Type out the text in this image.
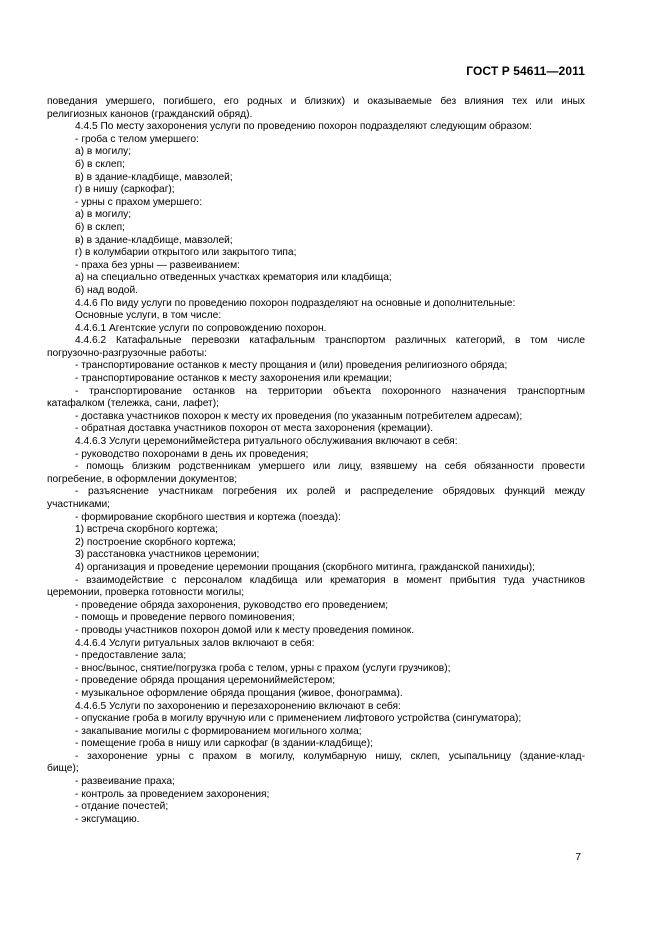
ГОСТ Р 54611—2011

поведания умершего, погибшего, его родных и близких) и оказываемые без влияния тех или иных

религиозных канонов (гражданский обряд).

4.4.5 По месту захоронения услуги по проведению похорон подразделяют следующим образом:

- гроба с телом умершего:

а) в могилу;

б) в склеп;

в) в здание-кладбище, мавзолей;

г) в нишу (саркофаг);

- урны с прахом умершего:

а) в могилу;

б) в склеп;

в) в здание-кладбище, мавзолей;

г) в колумбарии открытого или закрытого типа;

- праха без урны — развеиванием:

а) на специально отведенных участках крематория или кладбища;

б) над водой.

4.4.6 По виду услуги по проведению похорон подразделяют на основные и дополнительные:

Основные услуги, в том числе:

4.4.6.1 Агентские услуги по сопровождению похорон.

4.4.6.2 Катафальные перевозки катафальным транспортом различных категорий, в том числе

погрузочно-разгрузочные работы:

- транспортирование останков к месту прощания и (или) проведения религиозного обряда;

- транспортирование останков к месту захоронения или кремации;

- транспортирование останков на территории объекта похоронного назначения транспортным

катафалком (тележка, сани, лафет);

- доставка участников похорон к месту их проведения (по указанным потребителем адресам);

- обратная доставка участников похорон от места захоронения (кремации).

4.4.6.3 Услуги церемониймейстера ритуального обслуживания включают в себя:

- руководство похоронами в день их проведения;

- помощь близким родственникам умершего или лицу, взявшему на себя обязанности провести

погребение, в оформлении документов;

- разъяснение участникам погребения их ролей и распределение обрядовых функций между

участниками;

- формирование скорбного шествия и кортежа (поезда):

1) встреча скорбного кортежа;

2) построение скорбного кортежа;

3) расстановка участников церемонии;

4) организация и проведение церемонии прощания (скорбного митинга, гражданской панихиды);

- взаимодействие с персоналом кладбища или крематория в момент прибытия туда участников

церемонии, проверка готовности могилы;

- проведение обряда захоронения, руководство его проведением;

- помощь и проведение первого поминовения;

- проводы участников похорон домой или к месту проведения поминок.

4.4.6.4 Услуги ритуальных залов включают в себя:

- предоставление зала;

- внос/вынос, снятие/погрузка гроба с телом, урны с прахом (услуги грузчиков);

- проведение обряда прощания церемониймейстером;

- музыкальное оформление обряда прощания (живое, фонограмма).

4.4.6.5 Услуги по захоронению и перезахоронению включают в себя:

- опускание гроба в могилу вручную или с применением лифтового устройства (сингуматора);

- закапывание могилы с формированием могильного холма;

- помещение гроба в нишу или саркофаг (в здании-кладбище);

- захоронение урны с прахом в могилу, колумбарную нишу, склеп, усыпальницу (здание-клад-

бище);

- развеивание праха;

- контроль за проведением захоронения;

- отдание почестей;

- эксгумацию.

7
